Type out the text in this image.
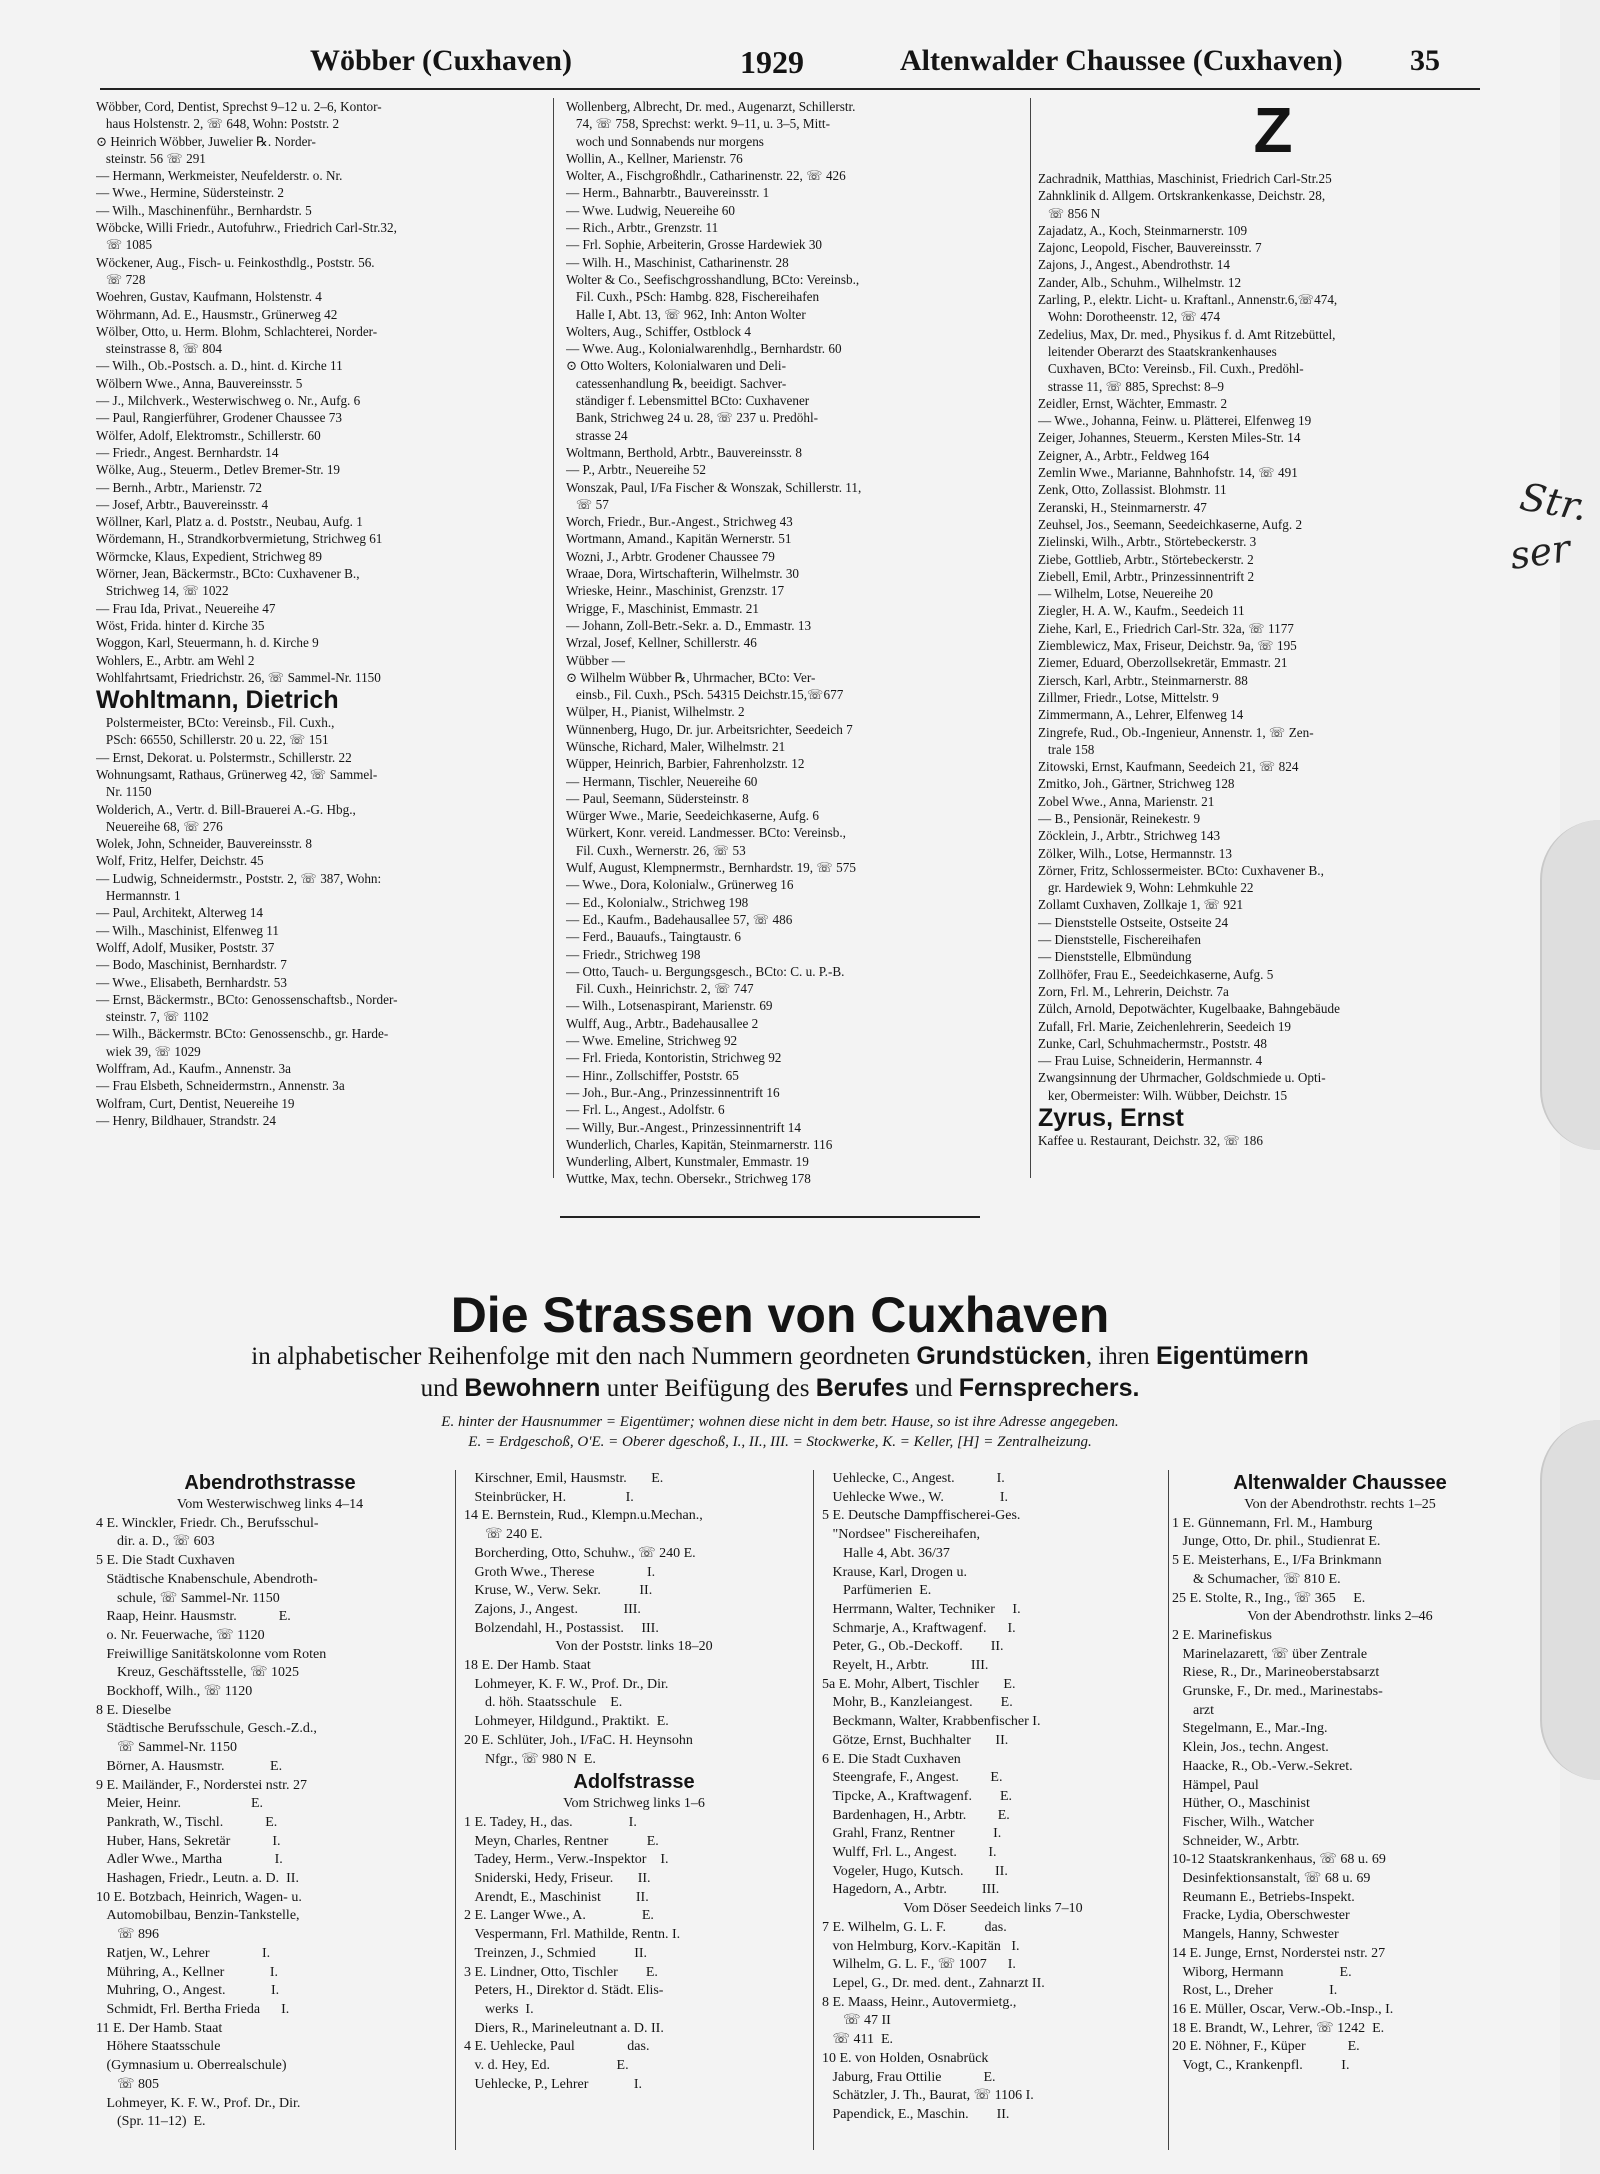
Wöbber (Cuxhaven)	1929	Altenwalder Chaussee (Cuxhaven) 35
Wöbber, Cord, Dentist, Sprechst 9–12 u. 2–6, Kontor-
haus Holstenstr. 2, ☏ 648, Wohn: Poststr. 2
⊙ Heinrich Wöbber, Juwelier ℞. Norder-
steinstr. 56 ☏ 291
— Hermann, Werkmeister, Neufelderstr. o. Nr.
— Wwe., Hermine, Südersteinstr. 2
— Wilh., Maschinenführ., Bernhardstr. 5
Wöbcke, Willi Friedr., Autofuhrw., Friedrich Carl-Str.32,
☏ 1085
Wöckener, Aug., Fisch- u. Feinkosthdlg., Poststr. 56.
☏ 728
Woehren, Gustav, Kaufmann, Holstenstr. 4
Wöhrmann, Ad. E., Hausmstr., Grünerweg 42
Wölber, Otto, u. Herm. Blohm, Schlachterei, Norder-
steinstrasse 8, ☏ 804
— Wilh., Ob.-Postsch. a. D., hint. d. Kirche 11
Wölbern Wwe., Anna, Bauvereinsstr. 5
— J., Milchverk., Westerwischweg o. Nr., Aufg. 6
— Paul, Rangierführer, Grodener Chaussee 73
Wölfer, Adolf, Elektromstr., Schillerstr. 60
— Friedr., Angest. Bernhardstr. 14
Wölke, Aug., Steuerm., Detlev Bremer-Str. 19
— Bernh., Arbtr., Marienstr. 72
— Josef, Arbtr., Bauvereinsstr. 4
Wöllner, Karl, Platz a. d. Poststr., Neubau, Aufg. 1
Wördemann, H., Strandkorbvermietung, Strichweg 61
Wörmcke, Klaus, Expedient, Strichweg 89
Wörner, Jean, Bäckermstr., BCto: Cuxhavener B.,
Strichweg 14, ☏ 1022
— Frau Ida, Privat., Neuereihe 47
Wöst, Frida. hinter d. Kirche 35
Woggon, Karl, Steuermann, h. d. Kirche 9
Wohlers, E., Arbtr. am Wehl 2
Wohlfahrtsamt, Friedrichstr. 26, ☏ Sammel-Nr. 1150
Wohltmann, Dietrich
Polstermeister, BCto: Vereinsb., Fil. Cuxh.,
PSch: 66550, Schillerstr. 20 u. 22, ☏ 151
— Ernst, Dekorat. u. Polstermstr., Schillerstr. 22
Wohnungsamt, Rathaus, Grünerweg 42, ☏ Sammel-
Nr. 1150
Wolderich, A., Vertr. d. Bill-Brauerei A.-G. Hbg.,
Neuereihe 68, ☏ 276
Wolek, John, Schneider, Bauvereinsstr. 8
Wolf, Fritz, Helfer, Deichstr. 45
— Ludwig, Schneidermstr., Poststr. 2, ☏ 387, Wohn:
Hermannstr. 1
— Paul, Architekt, Alterweg 14
— Wilh., Maschinist, Elfenweg 11
Wolff, Adolf, Musiker, Poststr. 37
— Bodo, Maschinist, Bernhardstr. 7
— Wwe., Elisabeth, Bernhardstr. 53
— Ernst, Bäckermstr., BCto: Genossenschaftsb., Norder-
steinstr. 7, ☏ 1102
— Wilh., Bäckermstr. BCto: Genossenschb., gr. Harde-
wiek 39, ☏ 1029
Wolffram, Ad., Kaufm., Annenstr. 3a
— Frau Elsbeth, Schneidermstrn., Annenstr. 3a
Wolfram, Curt, Dentist, Neuereihe 19
— Henry, Bildhauer, Strandstr. 24
Wollenberg, Albrecht, Dr. med., Augenarzt, Schillerstr.
74, ☏ 758, Sprechst: werkt. 9–11, u. 3–5, Mitt-
woch und Sonnabends nur morgens
Wollin, A., Kellner, Marienstr. 76
Wolter, A., Fischgroßhdlr., Catharinenstr. 22, ☏ 426
— Herm., Bahnarbtr., Bauvereinsstr. 1
— Wwe. Ludwig, Neuereihe 60
— Rich., Arbtr., Grenzstr. 11
— Frl. Sophie, Arbeiterin, Grosse Hardewiek 30
— Wilh. H., Maschinist, Catharinenstr. 28
Wolter & Co., Seefischgrosshandlung, BCto: Vereinsb.,
Fil. Cuxh., PSch: Hambg. 828, Fischereihafen
Halle I, Abt. 13, ☏ 962, Inh: Anton Wolter
Wolters, Aug., Schiffer, Ostblock 4
— Wwe. Aug., Kolonialwarenhdlg., Bernhardstr. 60
⊙ Otto Wolters, Kolonialwaren und Deli-
catessenhandlung ℞, beeidigt. Sachver-
ständiger f. Lebensmittel BCto: Cuxhavener
Bank, Strichweg 24 u. 28, ☏ 237 u. Predöhl-
strasse 24
Woltmann, Berthold, Arbtr., Bauvereinsstr. 8
— P., Arbtr., Neuereihe 52
Wonszak, Paul, I/Fa Fischer & Wonszak, Schillerstr. 11,
☏ 57
Worch, Friedr., Bur.-Angest., Strichweg 43
Wortmann, Amand., Kapitän Wernerstr. 51
Wozni, J., Arbtr. Grodener Chaussee 79
Wraae, Dora, Wirtschafterin, Wilhelmstr. 30
Wrieske, Heinr., Maschinist, Grenzstr. 17
Wrigge, F., Maschinist, Emmastr. 21
— Johann, Zoll-Betr.-Sekr. a. D., Emmastr. 13
Wrzal, Josef, Kellner, Schillerstr. 46
Wübber —
⊙ Wilhelm Wübber ℞, Uhrmacher, BCto: Ver-
einsb., Fil. Cuxh., PSch. 54315 Deichstr.15,☏677
Wülper, H., Pianist, Wilhelmstr. 2
Wünnenberg, Hugo, Dr. jur. Arbeitsrichter, Seedeich 7
Wünsche, Richard, Maler, Wilhelmstr. 21
Wüpper, Heinrich, Barbier, Fahrenholzstr. 12
— Hermann, Tischler, Neuereihe 60
— Paul, Seemann, Südersteinstr. 8
Würger Wwe., Marie, Seedeichkaserne, Aufg. 6
Würkert, Konr. vereid. Landmesser. BCto: Vereinsb.,
Fil. Cuxh., Wernerstr. 26, ☏ 53
Wulf, August, Klempnermstr., Bernhardstr. 19, ☏ 575
— Wwe., Dora, Kolonialw., Grünerweg 16
— Ed., Kolonialw., Strichweg 198
— Ed., Kaufm., Badehausallee 57, ☏ 486
— Ferd., Bauaufs., Taingtaustr. 6
— Friedr., Strichweg 198
— Otto, Tauch- u. Bergungsgesch., BCto: C. u. P.-B.
Fil. Cuxh., Heinrichstr. 2, ☏ 747
— Wilh., Lotsenaspirant, Marienstr. 69
Wulff, Aug., Arbtr., Badehausallee 2
— Wwe. Emeline, Strichweg 92
— Frl. Frieda, Kontoristin, Strichweg 92
— Hinr., Zollschiffer, Poststr. 65
— Joh., Bur.-Ang., Prinzessinnentrift 16
— Frl. L., Angest., Adolfstr. 6
— Willy, Bur.-Angest., Prinzessinnentrift 14
Wunderlich, Charles, Kapitän, Steinmarnerstr. 116
Wunderling, Albert, Kunstmaler, Emmastr. 19
Wuttke, Max, techn. Obersekr., Strichweg 178
Z
Zachradnik, Matthias, Maschinist, Friedrich Carl-Str.25
Zahnklinik d. Allgem. Ortskrankenkasse, Deichstr. 28,
☏ 856 N
Zajadatz, A., Koch, Steinmarnerstr. 109
Zajonc, Leopold, Fischer, Bauvereinsstr. 7
Zajons, J., Angest., Abendrothstr. 14
Zander, Alb., Schuhm., Wilhelmstr. 12
Zarling, P., elektr. Licht- u. Kraftanl., Annenstr.6,☏474,
Wohn: Dorotheenstr. 12, ☏ 474
Zedelius, Max, Dr. med., Physikus f. d. Amt Ritzebüttel,
leitender Oberarzt des Staatskrankenhauses
Cuxhaven, BCto: Vereinsb., Fil. Cuxh., Predöhl-
strasse 11, ☏ 885, Sprechst: 8–9
Zeidler, Ernst, Wächter, Emmastr. 2
— Wwe., Johanna, Feinw. u. Plätterei, Elfenweg 19
Zeiger, Johannes, Steuerm., Kersten Miles-Str. 14
Zeigner, A., Arbtr., Feldweg 164
Zemlin Wwe., Marianne, Bahnhofstr. 14, ☏ 491
Zenk, Otto, Zollassist. Blohmstr. 11
Zeranski, H., Steinmarnerstr. 47
Zeuhsel, Jos., Seemann, Seedeichkaserne, Aufg. 2
Zielinski, Wilh., Arbtr., Störtebeckerstr. 3
Ziebe, Gottlieb, Arbtr., Störtebeckerstr. 2
Ziebell, Emil, Arbtr., Prinzessinnentrift 2
— Wilhelm, Lotse, Neuereihe 20
Ziegler, H. A. W., Kaufm., Seedeich 11
Ziehe, Karl, E., Friedrich Carl-Str. 32a, ☏ 1177
Ziemblewicz, Max, Friseur, Deichstr. 9a, ☏ 195
Ziemer, Eduard, Oberzollsekretär, Emmastr. 21
Ziersch, Karl, Arbtr., Steinmarnerstr. 88
Zillmer, Friedr., Lotse, Mittelstr. 9
Zimmermann, A., Lehrer, Elfenweg 14
Zingrefe, Rud., Ob.-Ingenieur, Annenstr. 1, ☏ Zen-
trale 158
Zitowski, Ernst, Kaufmann, Seedeich 21, ☏ 824
Zmitko, Joh., Gärtner, Strichweg 128
Zobel Wwe., Anna, Marienstr. 21
— B., Pensionär, Reinekestr. 9
Zöcklein, J., Arbtr., Strichweg 143
Zölker, Wilh., Lotse, Hermannstr. 13
Zörner, Fritz, Schlossermeister. BCto: Cuxhavener B.,
gr. Hardewiek 9, Wohn: Lehmkuhle 22
Zollamt Cuxhaven, Zollkaje 1, ☏ 921
— Dienststelle Ostseite, Ostseite 24
— Dienststelle, Fischereihafen
— Dienststelle, Elbmündung
Zollhöfer, Frau E., Seedeichkaserne, Aufg. 5
Zorn, Frl. M., Lehrerin, Deichstr. 7a
Zülch, Arnold, Depotwächter, Kugelbaake, Bahngebäude
Zufall, Frl. Marie, Zeichenlehrerin, Seedeich 19
Zunke, Carl, Schuhmachermstr., Poststr. 48
— Frau Luise, Schneiderin, Hermannstr. 4
Zwangsinnung der Uhrmacher, Goldschmiede u. Opti-
ker, Obermeister: Wilh. Wübber, Deichstr. 15
Zyrus, Ernst
Kaffee u. Restaurant, Deichstr. 32, ☏ 186
Die Strassen von Cuxhaven
in alphabetischer Reihenfolge mit den nach Nummern geordneten Grundstücken, ihren Eigentümern
und Bewohnern unter Beifügung des Berufes und Fernsprechers.
E. hinter der Hausnummer = Eigentümer; wohnen diese nicht in dem betr. Hause, so ist ihre Adresse angegeben.
E. = Erdgeschoß, O'E. = Oberer dgeschoß, I., II., III. = Stockwerke, K. = Keller, [H] = Zentralheizung.
Abendrothstrasse
Vom Westerwischweg links 4–14
4 E. Winckler, Friedr. Ch., Berufsschul-
dir. a. D., ☏ 603
5 E. Die Stadt Cuxhaven
Städtische Knabenschule, Abendroth-
schule, ☏ Sammel-Nr. 1150
Raap, Heinr. Hausmstr.            E.
o. Nr. Feuerwache, ☏ 1120
Freiwillige Sanitätskolonne vom Roten
Kreuz, Geschäftsstelle, ☏ 1025
Bockhoff, Wilh., ☏ 1120
8 E. Dieselbe
Städtische Berufsschule, Gesch.-Z.d.,
☏ Sammel-Nr. 1150
Börner, A. Hausmstr.             E.
9 E. Mailänder, F., Norderstei nstr. 27
Meier, Heinr.                    E.
Pankrath, W., Tischl.            E.
Huber, Hans, Sekretär            I.
Adler Wwe., Martha               I.
Hashagen, Friedr., Leutn. a. D.  II.
10 E. Botzbach, Heinrich, Wagen- u.
Automobilbau, Benzin-Tankstelle,
☏ 896
Ratjen, W., Lehrer               I.
Mühring, A., Kellner             I.
Muhring, O., Angest.             I.
Schmidt, Frl. Bertha Frieda      I.
11 E. Der Hamb. Staat
Höhere Staatsschule
(Gymnasium u. Oberrealschule)
☏ 805
Lohmeyer, K. F. W., Prof. Dr., Dir.
(Spr. 11–12)  E.
Kirschner, Emil, Hausmstr.       E.
Steinbrücker, H.                 I.
14 E. Bernstein, Rud., Klempn.u.Mechan.,
☏ 240 E.
Borcherding, Otto, Schuhw., ☏ 240 E.
Groth Wwe., Therese               I.
Kruse, W., Verw. Sekr.           II.
Zajons, J., Angest.             III.
Bolzendahl, H., Postassist.     III.
Von der Poststr. links 18–20
18 E. Der Hamb. Staat
Lohmeyer, K. F. W., Prof. Dr., Dir.
d. höh. Staatsschule    E.
Lohmeyer, Hildgund., Praktikt.  E.
20 E. Schlüter, Joh., I/FaC. H. Heynsohn
Nfgr., ☏ 980 N  E.
Adolfstrasse
Vom Strichweg links 1–6
1 E. Tadey, H., das.                I.
Meyn, Charles, Rentner           E.
Tadey, Herm., Verw.-Inspektor    I.
Sniderski, Hedy, Friseur.       II.
Arendt, E., Maschinist          II.
2 E. Langer Wwe., A.                E.
Vespermann, Frl. Mathilde, Rentn. I.
Treinzen, J., Schmied           II.
3 E. Lindner, Otto, Tischler        E.
Peters, H., Direktor d. Städt. Elis-
werks  I.
Diers, R., Marineleutnant a. D. II.
4 E. Uehlecke, Paul               das.
v. d. Hey, Ed.                   E.
Uehlecke, P., Lehrer             I.
Uehlecke, C., Angest.            I.
Uehlecke Wwe., W.                I.
5 E. Deutsche Dampffischerei-Ges.
"Nordsee" Fischereihafen,
Halle 4, Abt. 36/37
Krause, Karl, Drogen u.
Parfümerien  E.
Herrmann, Walter, Techniker     I.
Schmarje, A., Kraftwagenf.      I.
Peter, G., Ob.-Deckoff.        II.
Reyelt, H., Arbtr.            III.
5a E. Mohr, Albert, Tischler       E.
Mohr, B., Kanzleiangest.        E.
Beckmann, Walter, Krabbenfischer I.
Götze, Ernst, Buchhalter       II.
6 E. Die Stadt Cuxhaven
Steengrafe, F., Angest.         E.
Tipcke, A., Kraftwagenf.        E.
Bardenhagen, H., Arbtr.         E.
Grahl, Franz, Rentner           I.
Wulff, Frl. L., Angest.         I.
Vogeler, Hugo, Kutsch.         II.
Hagedorn, A., Arbtr.          III.
Vom Döser Seedeich links 7–10
7 E. Wilhelm, G. L. F.           das.
von Helmburg, Korv.-Kapitän   I.
Wilhelm, G. L. F., ☏ 1007      I.
Lepel, G., Dr. med. dent., Zahnarzt II.
8 E. Maass, Heinr., Autovermietg.,
☏ 47 II
☏ 411  E.
10 E. von Holden, Osnabrück
Jaburg, Frau Ottilie            E.
Schätzler, J. Th., Baurat, ☏ 1106 I.
Papendick, E., Maschin.        II.
Altenwalder Chaussee
Von der Abendrothstr. rechts 1–25
1 E. Günnemann, Frl. M., Hamburg
Junge, Otto, Dr. phil., Studienrat E.
5 E. Meisterhans, E., I/Fa Brinkmann
& Schumacher, ☏ 810 E.
25 E. Stolte, R., Ing., ☏ 365     E.
Von der Abendrothstr. links 2–46
2 E. Marinefiskus
Marinelazarett, ☏ über Zentrale
Riese, R., Dr., Marineoberstabsarzt
Grunske, F., Dr. med., Marinestabs-
arzt
Stegelmann, E., Mar.-Ing.
Klein, Jos., techn. Angest.
Haacke, R., Ob.-Verw.-Sekret.
Hämpel, Paul
Hüther, O., Maschinist
Fischer, Wilh., Watcher
Schneider, W., Arbtr.
10-12 Staatskrankenhaus, ☏ 68 u. 69
Desinfektionsanstalt, ☏ 68 u. 69
Reumann E., Betriebs-Inspekt.
Fracke, Lydia, Oberschwester
Mangels, Hanny, Schwester
14 E. Junge, Ernst, Norderstei nstr. 27
Wiborg, Hermann                E.
Rost, L., Dreher                I.
16 E. Müller, Oscar, Verw.-Ob.-Insp., I.
18 E. Brandt, W., Lehrer, ☏ 1242  E.
20 E. Nöhner, F., Küper            E.
Vogt, C., Krankenpfl.           I.
Str.
ser
